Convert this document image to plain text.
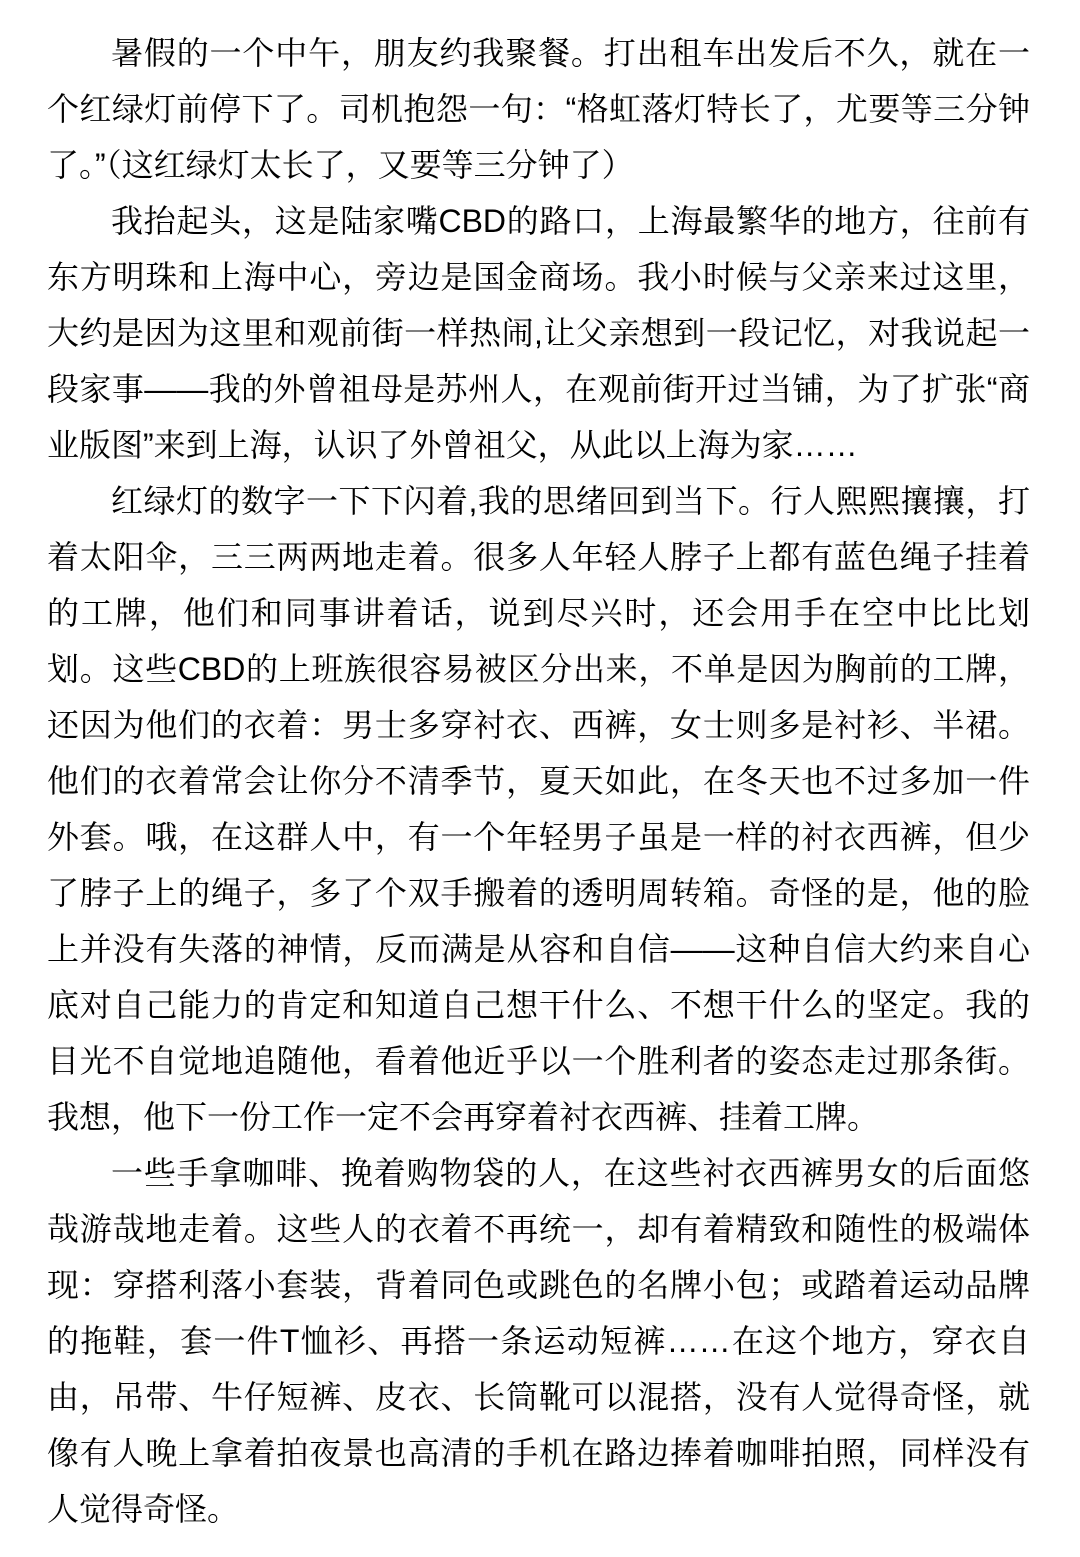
暑假的一个中午，朋友约我聚餐。打出租车出发后不久，就在一个红绿灯前停下了。司机抱怨一句：“格虹落灯特长了，尤要等三分钟了。”（这红绿灯太长了，又要等三分钟了）

我抬起头，这是陆家嘴CBD的路口，上海最繁华的地方，往前有东方明珠和上海中心，旁边是国金商场。我小时候与父亲来过这里，大约是因为这里和观前街一样热闹,让父亲想到一段记忆，对我说起一段家事——我的外曾祖母是苏州人，在观前街开过当铺，为了扩张“商业版图”来到上海，认识了外曾祖父，从此以上海为家……

红绿灯的数字一下下闪着,我的思绪回到当下。行人熙熙攘攘，打着太阳伞，三三两两地走着。很多人年轻人脖子上都有蓝色绳子挂着的工牌，他们和同事讲着话，说到尽兴时，还会用手在空中比比划划。这些CBD的上班族很容易被区分出来，不单是因为胸前的工牌，还因为他们的衣着：男士多穿衬衣、西裤，女士则多是衬衫、半裙。他们的衣着常会让你分不清季节，夏天如此，在冬天也不过多加一件外套。哦，在这群人中，有一个年轻男子虽是一样的衬衣西裤，但少了脖子上的绳子，多了个双手搬着的透明周转箱。奇怪的是，他的脸上并没有失落的神情，反而满是从容和自信——这种自信大约来自心底对自己能力的肯定和知道自己想干什么、不想干什么的坚定。我的目光不自觉地追随他，看着他近乎以一个胜利者的姿态走过那条街。我想，他下一份工作一定不会再穿着衬衣西裤、挂着工牌。

一些手拿咖啡、挽着购物袋的人，在这些衬衣西裤男女的后面悠哉游哉地走着。这些人的衣着不再统一，却有着精致和随性的极端体现：穿搭利落小套装，背着同色或跳色的名牌小包；或踏着运动品牌的拖鞋，套一件T恤衫、再搭一条运动短裤……在这个地方，穿衣自由，吊带、牛仔短裤、皮衣、长筒靴可以混搭，没有人觉得奇怪，就像有人晚上拿着拍夜景也高清的手机在路边捧着咖啡拍照，同样没有人觉得奇怪。
